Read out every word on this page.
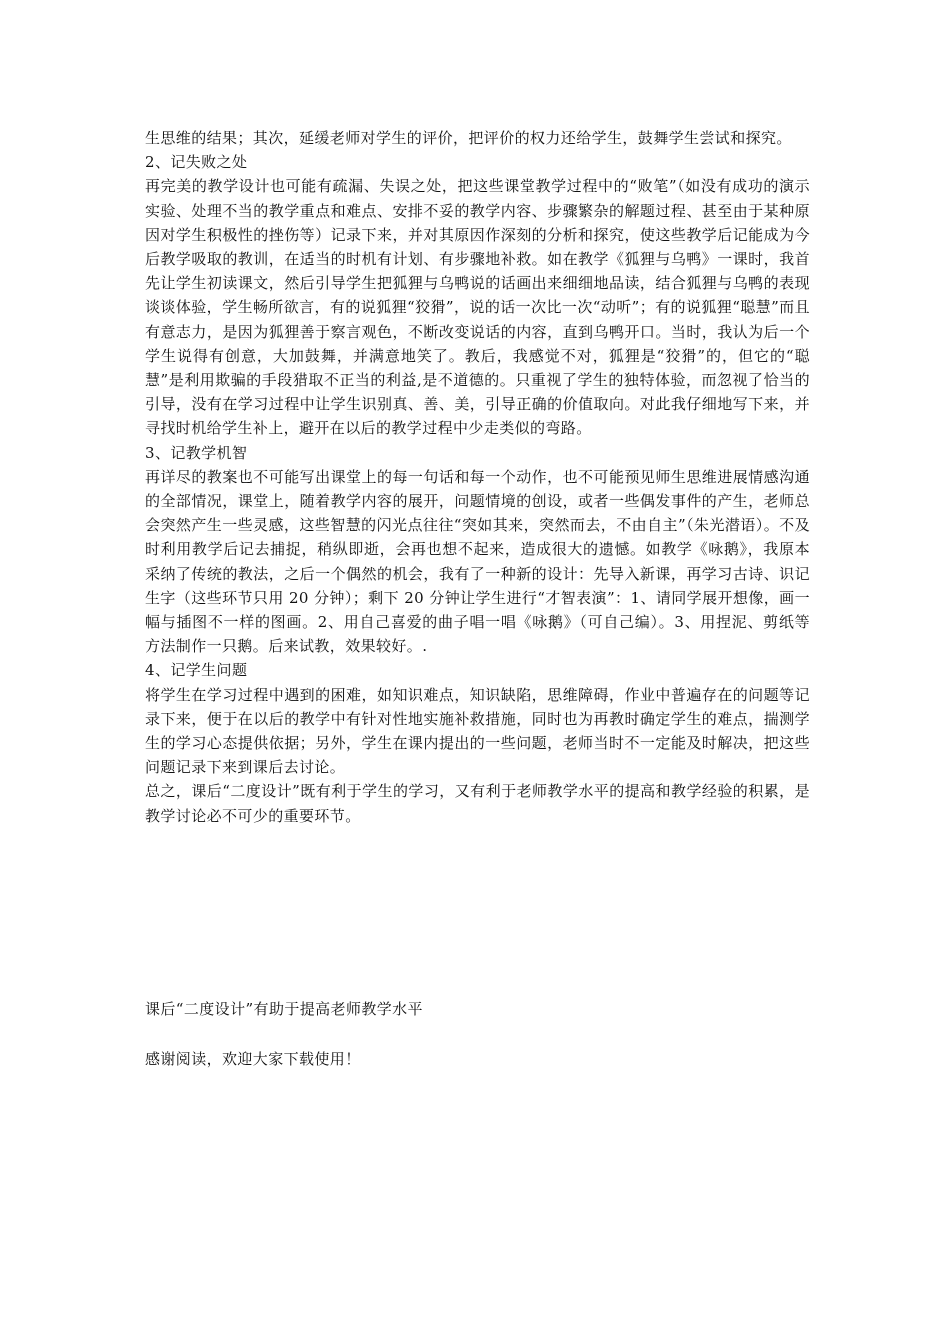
生思维的结果；其次，延缓老师对学生的评价，把评价的权力还给学生，鼓舞学生尝试和探究。

2、记失败之处

再完美的教学设计也可能有疏漏、失误之处，把这些课堂教学过程中的“败笔”（如没有成功的演示实验、处理不当的教学重点和难点、安排不妥的教学内容、步骤繁杂的解题过程、甚至由于某种原因对学生积极性的挫伤等）记录下来，并对其原因作深刻的分析和探究，使这些教学后记能成为今后教学吸取的教训，在适当的时机有计划、有步骤地补救。如在教学《狐狸与乌鸭》一课时，我首先让学生初读课文，然后引导学生把狐狸与乌鸭说的话画出来细细地品读，结合狐狸与乌鸭的表现谈谈体验，学生畅所欲言，有的说狐狸“狡猾”，说的话一次比一次“动听”；有的说狐狸“聪慧”而且有意志力，是因为狐狸善于察言观色，不断改变说话的内容，直到乌鸭开口。当时，我认为后一个学生说得有创意，大加鼓舞，并满意地笑了。教后，我感觉不对，狐狸是“狡猾”的，但它的“聪慧”是利用欺骗的手段猎取不正当的利益,是不道德的。只重视了学生的独特体验，而忽视了恰当的引导，没有在学习过程中让学生识别真、善、美，引导正确的价值取向。对此我仔细地写下来，并寻找时机给学生补上，避开在以后的教学过程中少走类似的弯路。

3、记教学机智

再详尽的教案也不可能写出课堂上的每一句话和每一个动作，也不可能预见师生思维进展情感沟通的全部情况，课堂上，随着教学内容的展开，问题情境的创设，或者一些偶发事件的产生，老师总会突然产生一些灵感，这些智慧的闪光点往往“突如其来，突然而去，不由自主”（朱光潜语）。不及时利用教学后记去捕捉，稍纵即逝，会再也想不起来，造成很大的遗憾。如教学《咏鹅》，我原本采纳了传统的教法，之后一个偶然的机会，我有了一种新的设计：先导入新课，再学习古诗、识记生字（这些环节只用 20 分钟）；剩下 20 分钟让学生进行“才智表演”：1、请同学展开想像，画一幅与插图不一样的图画。2、用自己喜爱的曲子唱一唱《咏鹅》（可自己编）。3、用捏泥、剪纸等方法制作一只鹅。后来试教，效果较好。.

4、记学生问题

将学生在学习过程中遇到的困难，如知识难点，知识缺陷，思维障碍，作业中普遍存在的问题等记录下来，便于在以后的教学中有针对性地实施补救措施，同时也为再教时确定学生的难点，揣测学生的学习心态提供依据；另外，学生在课内提出的一些问题，老师当时不一定能及时解决，把这些问题记录下来到课后去讨论。

总之，课后“二度设计”既有利于学生的学习，又有利于老师教学水平的提高和教学经验的积累，是教学讨论必不可少的重要环节。

课后“二度设计”有助于提高老师教学水平

感谢阅读，欢迎大家下载使用！
